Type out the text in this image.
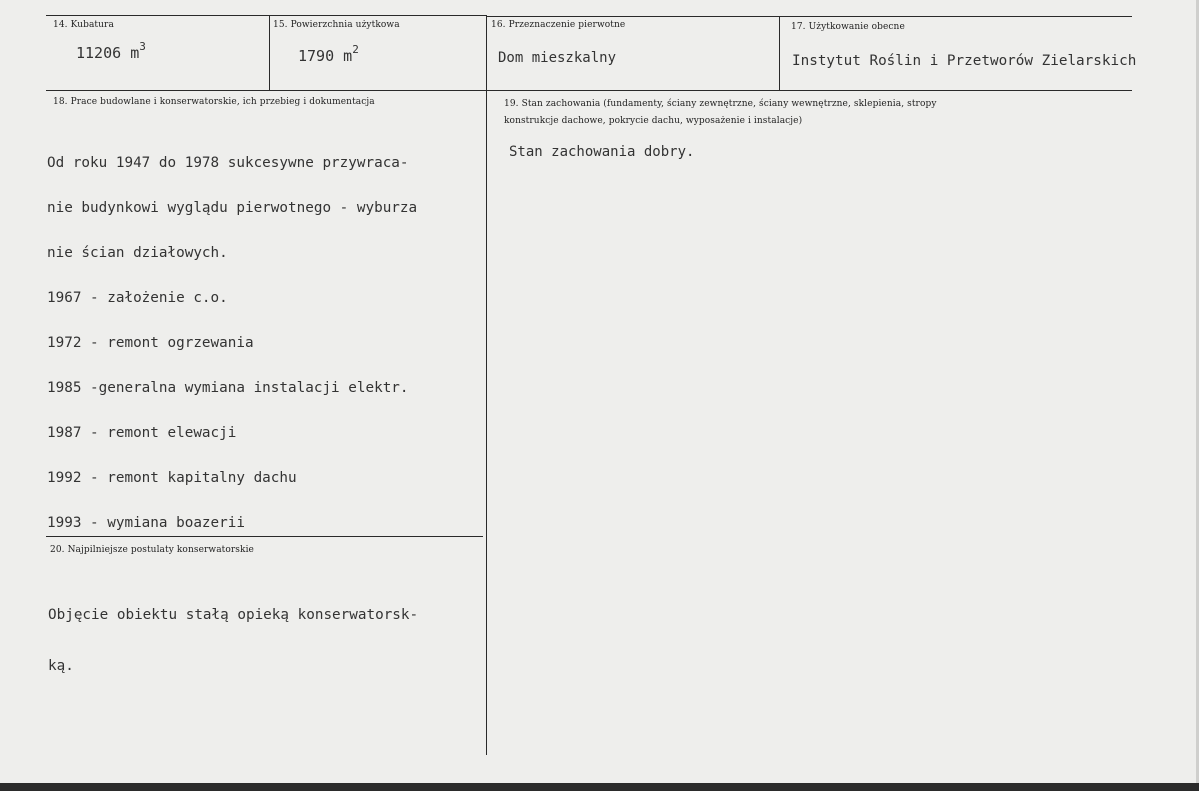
14. Kubatura
11206 $m^3$
15. Powierzchnia użytkowa
1790 $m^2$
16. Przeznaczenie pierwotne
Dom mieszkalny
17. Użytkowanie obecne
Instytut Roślin i Przetworów Zielarskich
18. Prace budowlane i konserwatorskie, ich przebieg i dokumentacja

Od roku 1947 do 1978 sukcesywne przywraca-

nie budynkowi wyglądu pierwotnego - wyburza

nie ścian działowych.

1967 - założenie c.o.

1972 - remont ogrzewania

1985 -generalna wymiana instalacji elektr.

1987 - remont elewacji

1992 - remont kapitalny dachu

1993 - wymiana boazerii

19. Stan zachowania (fundamenty, ściany zewnętrzne, ściany wewnętrzne, sklepienia, stropy
konstrukcje dachowe, pokrycie dachu, wyposażenie i instalacje)
Stan zachowania dobry.
20. Najpilniejsze postulaty konserwatorskie

Objęcie obiektu stałą opieką konserwatorsk-

ką.
